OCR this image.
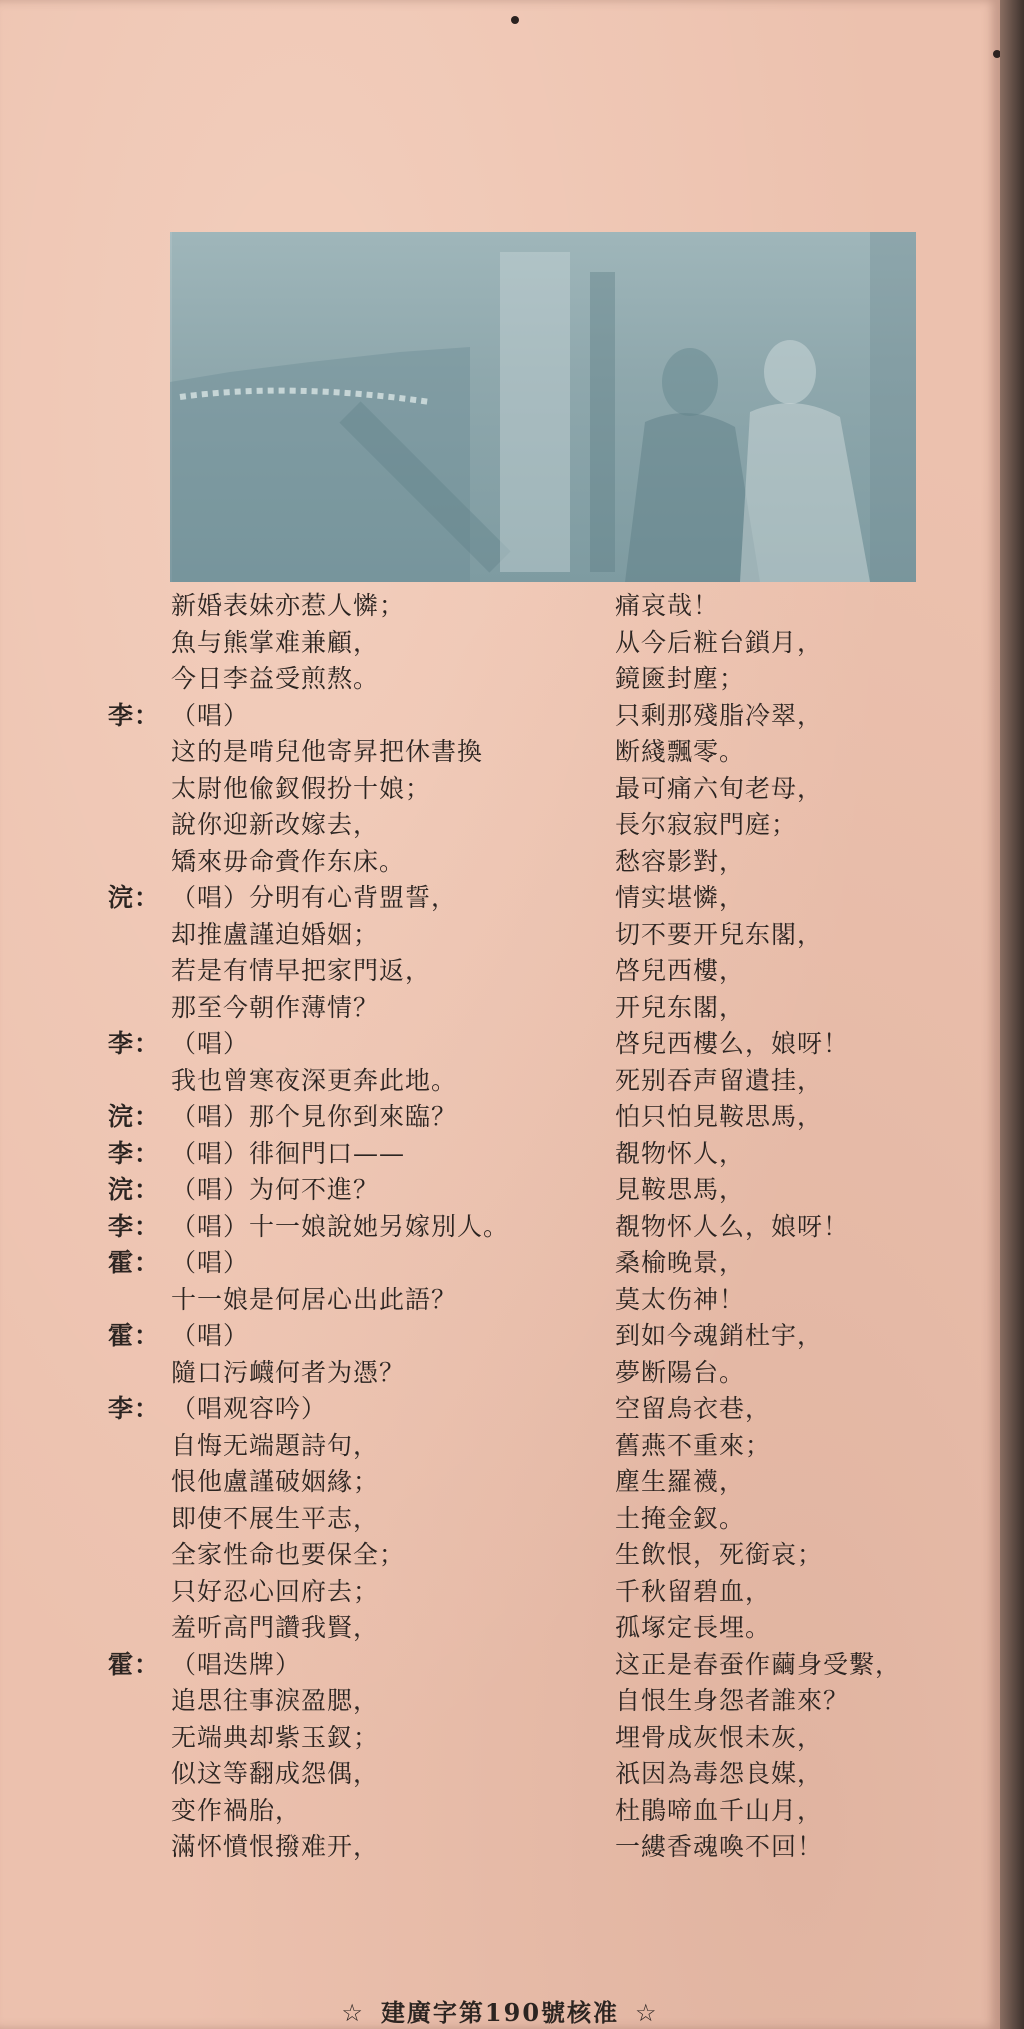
新婚表妹亦惹人憐；
魚与熊掌难兼顧，
今日李益受煎熬。
李： （唱）
这的是啃兒他寄昇把休書換
太尉他偸釵假扮十娘；
說你迎新改嫁去，
矯來毋命賫作东床。
浣： （唱）分明有心背盟誓，
却推盧謹迫婚姻；
若是有情早把家門返，
那至今朝作薄情？
李： （唱）
我也曾寒夜深更奔此地。
浣： （唱）那个見你到來臨？
李： （唱）徘徊門口——
浣： （唱）为何不進？
李： （唱）十一娘說她另嫁別人。
霍： （唱）
十一娘是何居心出此語？
霍： （唱）
隨口污衊何者为憑？
李： （唱观容吟）
自悔无端題詩句，
恨他盧謹破姻緣；
即使不展生平志，
全家性命也要保全；
只好忍心回府去；
羞听高門讚我賢，
霍： （唱迭牌）
追思往事淚盈腮，
无端典却紫玉釵；
似这等翻成怨偶，
变作禍胎，
滿怀憤恨撥难开，
痛哀哉！
从今后粧台鎖月，
鏡匳封塵；
只剩那殘脂冷翠，
断綫飄零。
最可痛六旬老母，
長尔寂寂門庭；
愁容影對，
情实堪憐，
切不要开兒东閣，
啓兒西樓，
开兒东閣，
啓兒西樓么，娘呀！
死别吞声留遺挂，
怕只怕見鞍思馬，
覩物怀人，
見鞍思馬，
覩物怀人么，娘呀！
桑榆晚景，
莫太伤神！
到如今魂銷杜宇，
夢断陽台。
空留烏衣巷，
舊燕不重來；
塵生羅襪，
土掩金釵。
生飲恨，死銜哀；
千秋留碧血，
孤塚定長埋。
这正是春蚕作繭身受繫，
自恨生身怨者誰來？
埋骨成灰恨未灰，
祇因為毒怨良媒，
杜鵑啼血千山月，
一縷香魂喚不回！
☆ 建廣字第190號核准 ☆
